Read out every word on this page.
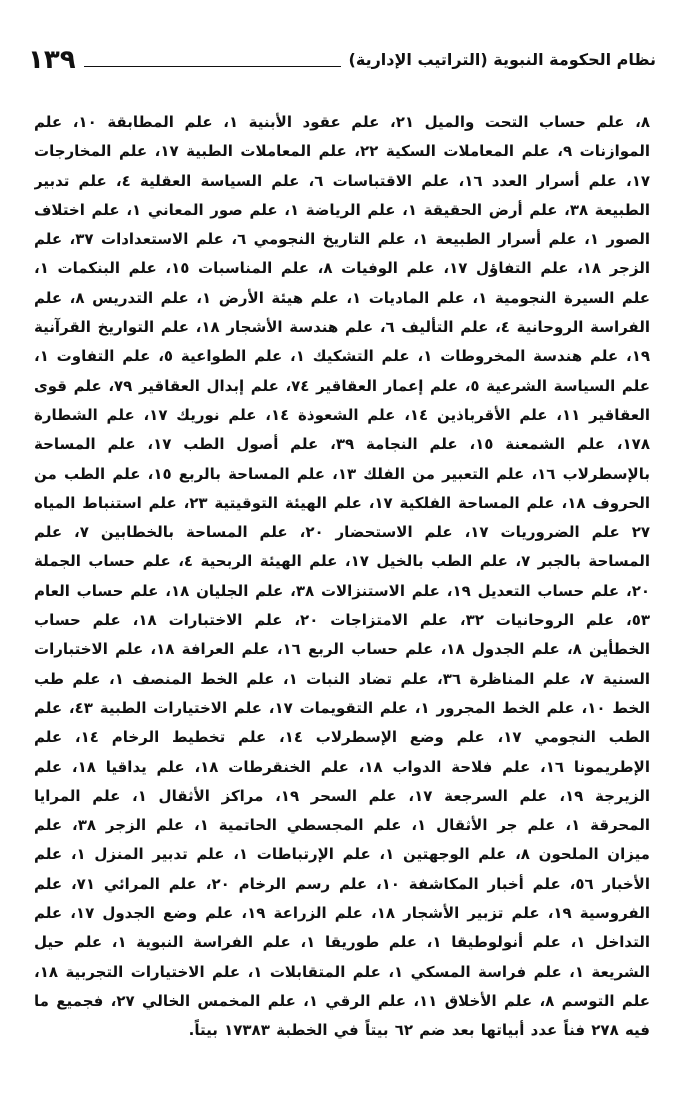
١٣٩	نظام الحكومة النبوية (التراتيب الإدارية)
٨، علم حساب التحت والميل ٢١، علم عقود الأبنية ١، علم المطابقة ١٠، علم الموازنات ٩، علم المعاملات السكية ٢٢، علم المعاملات الطبية ١٧، علم المخارجات ١٧، علم أسرار العدد ١٦، علم الاقتباسات ٦، علم السياسة العقلية ٤، علم تدبير الطبيعة ٣٨، علم أرض الحقيقة ١، علم الرياضة ١، علم صور المعاني ١، علم اختلاف الصور ١، علم أسرار الطبيعة ١، علم التاريخ النجومي ٦، علم الاستعدادات ٣٧، علم الزجر ١٨، علم التفاؤل ١٧، علم الوفيات ٨، علم المناسبات ١٥، علم البنكمات ١، علم السيرة النجومية ١، علم الماديات ١، علم هيئة الأرض ١، علم التدريس ٨، علم الفراسة الروحانية ٤، علم التأليف ٦، علم هندسة الأشجار ١٨، علم التواريخ القرآنية ١٩، علم هندسة المخروطات ١، علم التشكيك ١، علم الطواعية ٥، علم التفاوت ١، علم السياسة الشرعية ٥، علم إعمار العقاقير ٧٤، علم إبدال العقاقير ٧٩، علم قوى العقاقير ١١، علم الأقرباذين ١٤، علم الشعوذة ١٤، علم نوريك ١٧، علم الشطارة ١٧٨، علم الشمعنة ١٥، علم النجامة ٣٩، علم أصول الطب ١٧، علم المساحة بالإسطرلاب ١٦، علم التعبير من الفلك ١٣، علم المساحة بالربع ١٥، علم الطب من الحروف ١٨، علم المساحة الفلكية ١٧، علم الهيئة التوقيتية ٢٣، علم استنباط المياه ٢٧ علم الضروريات ١٧، علم الاستحضار ٢٠، علم المساحة بالخطابين ٧، علم المساحة بالجبر ٧، علم الطب بالخيل ١٧، علم الهيئة الربحية ٤، علم حساب الجملة ٢٠، علم حساب التعديل ١٩، علم الاستنزالات ٣٨، علم الجليان ١٨، علم حساب العام ٥٣، علم الروحانيات ٣٢، علم الامتزاجات ٢٠، علم الاختبارات ١٨، علم حساب الخطأين ٨، علم الجدول ١٨، علم حساب الربع ١٦، علم العرافة ١٨، علم الاختبارات السنية ٧، علم المناظرة ٣٦، علم تضاد النبات ١، علم الخط المنصف ١، علم طب الخط ١٠، علم الخط المجرور ١، علم التقويمات ١٧، علم الاختيارات الطبية ٤٣، علم الطب النجومي ١٧، علم وضع الإسطرلاب ١٤، علم تخطيط الرخام ١٤، علم الإطريمونا ١٦، علم فلاحة الدواب ١٨، علم الخنقرطات ١٨، علم يداقيا ١٨، علم الزيرجة ١٩، علم السرجعة ١٧، علم السحر ١٩، مراكز الأثقال ١، علم المرايا المحرقة ١، علم جر الأثقال ١، علم المجسطي الحاتمية ١، علم الزجر ٣٨، علم ميزان الملحون ٨، علم الوجهتين ١، علم الإرتباطات ١، علم تدبير المنزل ١، علم الأخبار ٥٦، علم أخبار المكاشفة ١٠، علم رسم الرخام ٢٠، علم المرائي ٧١، علم الفروسية ١٩، علم تزبير الأشجار ١٨، علم الزراعة ١٩، علم وضع الجدول ١٧، علم التداخل ١، علم أنولوطيقا ١، علم طوريقا ١، علم الفراسة النبوية ١، علم حيل الشريعة ١، علم فراسة المسكي ١، علم المتقابلات ١، علم الاختيارات التجربية ١٨، علم التوسم ٨، علم الأخلاق ١١، علم الرقي ١، علم المخمس الخالي ٢٧، فجميع ما فيه ٢٧٨ فناً عدد أبياتها بعد ضم ٦٢ بيتاً في الخطبة ١٧٣٨٣ بيتاً.
